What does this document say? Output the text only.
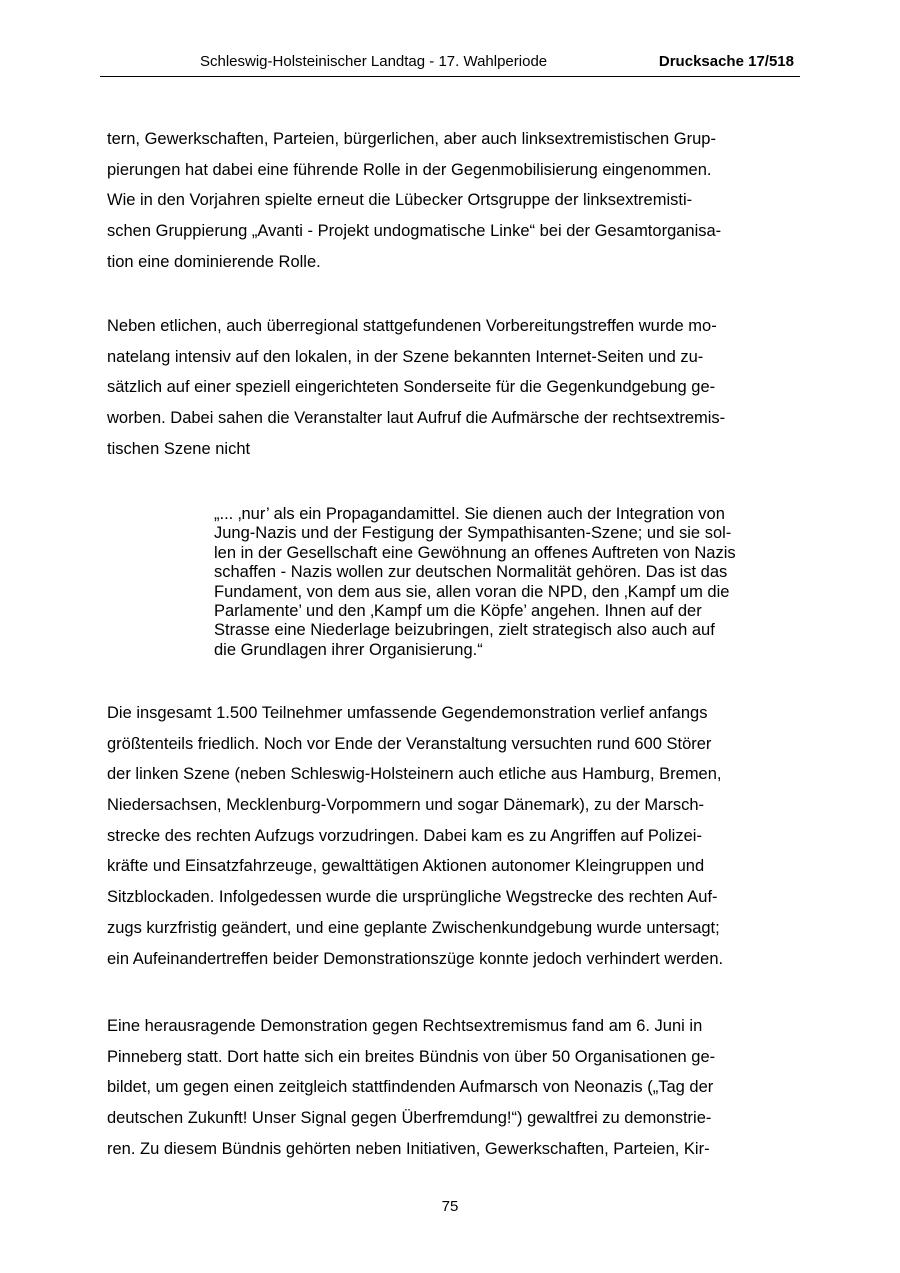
Schleswig-Holsteinischer Landtag - 17. Wahlperiode	Drucksache 17/518
tern, Gewerkschaften, Parteien, bürgerlichen, aber auch linksextremistischen Grup-
pierungen hat dabei eine führende Rolle in der Gegenmobilisierung eingenommen.
Wie in den Vorjahren spielte erneut die Lübecker Ortsgruppe der linksextremisti-
schen Gruppierung „Avanti - Projekt undogmatische Linke“ bei der Gesamtorganisa-
tion eine dominierende Rolle.
Neben etlichen, auch überregional stattgefundenen Vorbereitungstreffen wurde mo-
natelang intensiv auf den lokalen, in der Szene bekannten Internet-Seiten und zu-
sätzlich auf einer speziell eingerichteten Sonderseite für die Gegenkundgebung ge-
worben. Dabei sahen die Veranstalter laut Aufruf die Aufmärsche der rechtsextremis-
tischen Szene nicht
„... ‚nur’ als ein Propagandamittel. Sie dienen auch der Integration von
Jung-Nazis und der Festigung der Sympathisanten-Szene; und sie sol-
len in der Gesellschaft eine Gewöhnung an offenes Auftreten von Nazis
schaffen - Nazis wollen zur deutschen Normalität gehören. Das ist das
Fundament, von dem aus sie, allen voran die NPD, den ‚Kampf um die
Parlamente’ und den ‚Kampf um die Köpfe’ angehen. Ihnen auf der
Strasse eine Niederlage beizubringen, zielt strategisch also auch auf
die Grundlagen ihrer Organisierung.“
Die insgesamt 1.500 Teilnehmer umfassende Gegendemonstration verlief anfangs
größtenteils friedlich. Noch vor Ende der Veranstaltung versuchten rund 600 Störer
der linken Szene (neben Schleswig-Holsteinern auch etliche aus Hamburg, Bremen,
Niedersachsen, Mecklenburg-Vorpommern und sogar Dänemark), zu der Marsch-
strecke des rechten Aufzugs vorzudringen. Dabei kam es zu Angriffen auf Polizei-
kräfte und Einsatzfahrzeuge, gewalttätigen Aktionen autonomer Kleingruppen und
Sitzblockaden. Infolgedessen wurde die ursprüngliche Wegstrecke des rechten Auf-
zugs kurzfristig geändert, und eine geplante Zwischenkundgebung wurde untersagt;
ein Aufeinandertreffen beider Demonstrationszüge konnte jedoch verhindert werden.
Eine herausragende Demonstration gegen Rechtsextremismus fand am 6. Juni in
Pinneberg statt. Dort hatte sich ein breites Bündnis von über 50 Organisationen ge-
bildet, um gegen einen zeitgleich stattfindenden Aufmarsch von Neonazis („Tag der
deutschen Zukunft! Unser Signal gegen Überfremdung!“) gewaltfrei zu demonstrie-
ren. Zu diesem Bündnis gehörten neben Initiativen, Gewerkschaften, Parteien, Kir-
75
